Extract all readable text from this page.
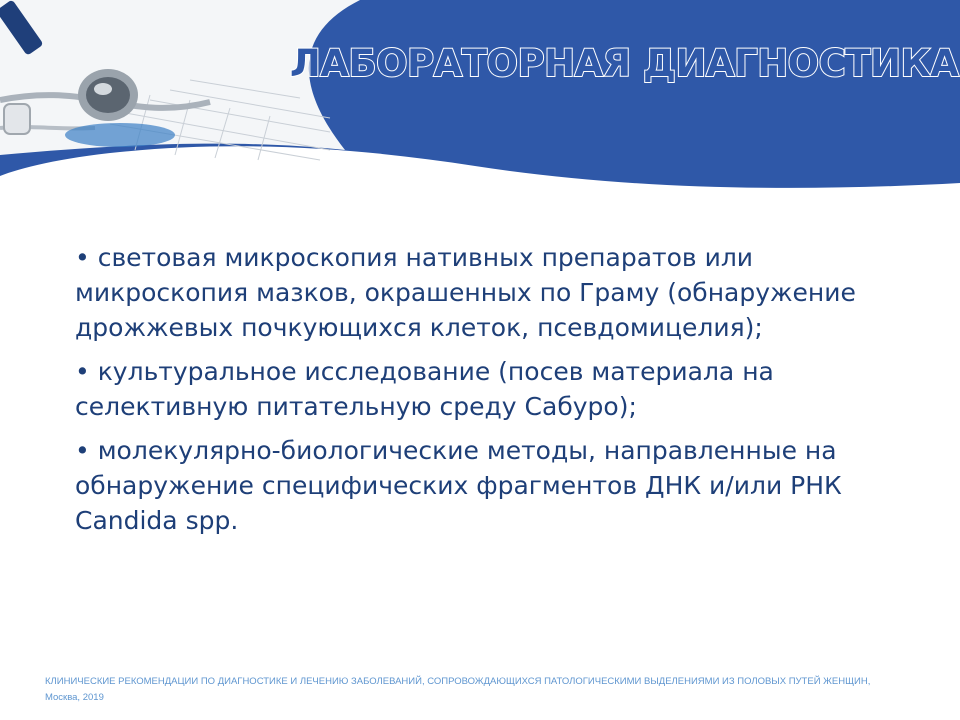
ЛАБОРАТОРНАЯ ДИАГНОСТИКА
• световая микроскопия нативных препаратов или микроскопия мазков, окрашенных по Граму (обнаружение дрожжевых почкующихся клеток, псевдомицелия);
• культуральное исследование (посев материала на селективную питательную среду Сабуро);
• молекулярно-биологические методы, направленные на обнаружение специфических фрагментов ДНК и/или РНК Candida spp.
КЛИНИЧЕСКИЕ РЕКОМЕНДАЦИИ ПО ДИАГНОСТИКЕ И ЛЕЧЕНИЮ ЗАБОЛЕВАНИЙ, СОПРОВОЖДАЮЩИХСЯ ПАТОЛОГИЧЕСКИМИ ВЫДЕЛЕНИЯМИ ИЗ ПОЛОВЫХ ПУТЕЙ ЖЕНЩИН, Москва, 2019
